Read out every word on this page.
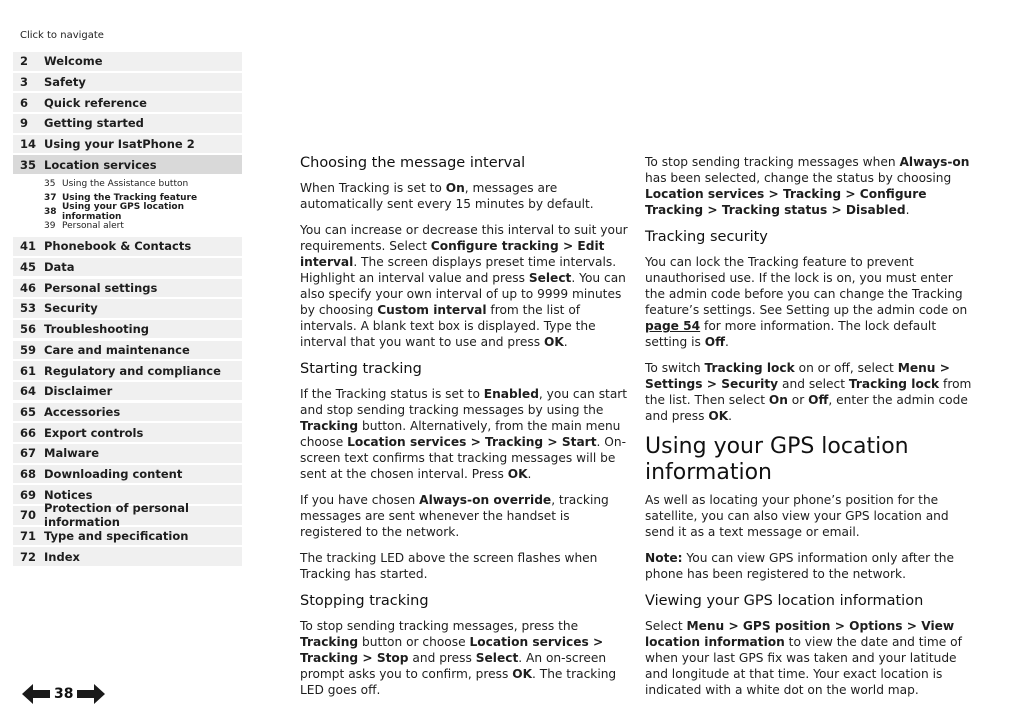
Click to navigate
2	Welcome
3	Safety
6	Quick reference
9	Getting started
14 Using your IsatPhone 2
35 Location services
35 Using the Assistance button
37 Using the Tracking feature
38 Using your GPS location information
39 Personal alert
41 Phonebook & Contacts
45 Data
46 Personal settings
53 Security
56 Troubleshooting
59 Care and maintenance
61 Regulatory and compliance
64 Disclaimer
65 Accessories
66 Export controls
67 Malware
68 Downloading content
69 Notices
70 Protection of personal information
71 Type and specification
72 Index
Choosing the message interval

When Tracking is set to On, messages are automatically sent every 15 minutes by default.

You can increase or decrease this interval to suit your requirements. Select Configure tracking > Edit interval. The screen displays preset time intervals. Highlight an interval value and press Select. You can also specify your own interval of up to 9999 minutes by choosing Custom interval from the list of intervals. A blank text box is displayed. Type the interval that you want to use and press OK.

Starting tracking

If the Tracking status is set to Enabled, you can start and stop sending tracking messages by using the Tracking button. Alternatively, from the main menu choose Location services > Tracking > Start. On-screen text confirms that tracking messages will be sent at the chosen interval. Press OK.

If you have chosen Always-on override, tracking messages are sent whenever the handset is registered to the network.

The tracking LED above the screen flashes when Tracking has started.

Stopping tracking

To stop sending tracking messages, press the Tracking button or choose Location services > Tracking > Stop and press Select. An on-screen prompt asks you to confirm, press OK. The tracking LED goes off.

To stop sending tracking messages when Always-on has been selected, change the status by choosing Location services > Tracking > Configure Tracking > Tracking status > Disabled.

Tracking security

You can lock the Tracking feature to prevent unauthorised use. If the lock is on, you must enter the admin code before you can change the Tracking feature’s settings. See Setting up the admin code on page 54 for more information. The lock default setting is Off.

To switch Tracking lock on or off, select Menu > Settings > Security and select Tracking lock from the list. Then select On or Off, enter the admin code and press OK.

Using your GPS location information

As well as locating your phone’s position for the satellite, you can also view your GPS location and send it as a text message or email.

Note: You can view GPS information only after the phone has been registered to the network.

Viewing your GPS location information

Select Menu > GPS position > Options > View location information to view the date and time of when your last GPS fix was taken and your latitude and longitude at that time. Your exact location is indicated with a white dot on the world map.

38
